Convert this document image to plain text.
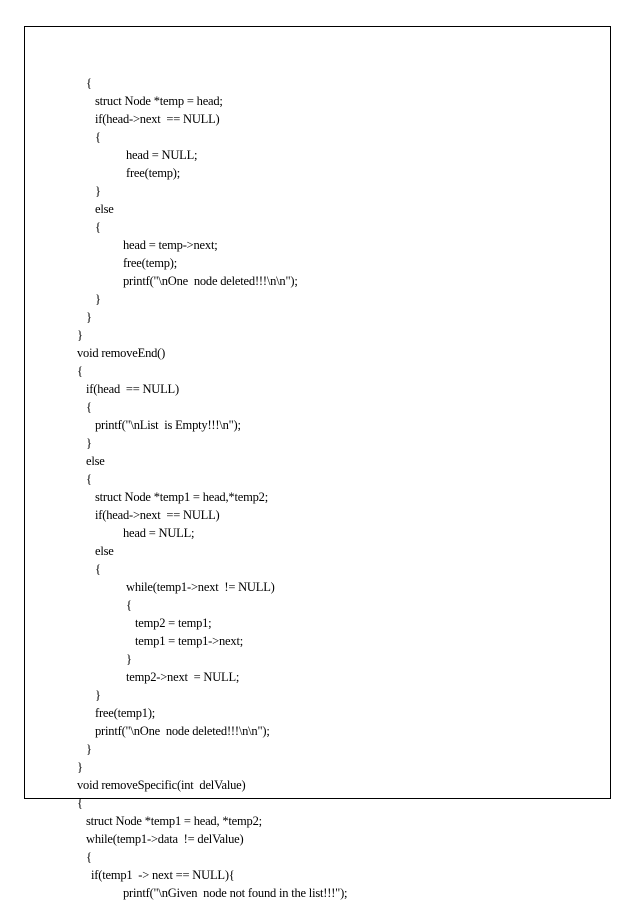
{
struct Node *temp = head;
if(head->next  == NULL)
{
head = NULL;
free(temp);
}
else
{
head = temp->next;
free(temp);
printf("\nOne  node deleted!!!\n\n");
}
}
}
void removeEnd()
{
if(head  == NULL)
{
printf("\nList  is Empty!!!\n");
}
else
{
struct Node *temp1 = head,*temp2;
if(head->next  == NULL)
head = NULL;
else
{
while(temp1->next  != NULL)
{
temp2 = temp1;
temp1 = temp1->next;
}
temp2->next  = NULL;
}
free(temp1);
printf("\nOne  node deleted!!!\n\n");
}
}
void removeSpecific(int  delValue)
{
struct Node *temp1 = head, *temp2;
while(temp1->data  != delValue)
{
if(temp1  -> next == NULL){
printf("\nGiven  node not found in the list!!!");
